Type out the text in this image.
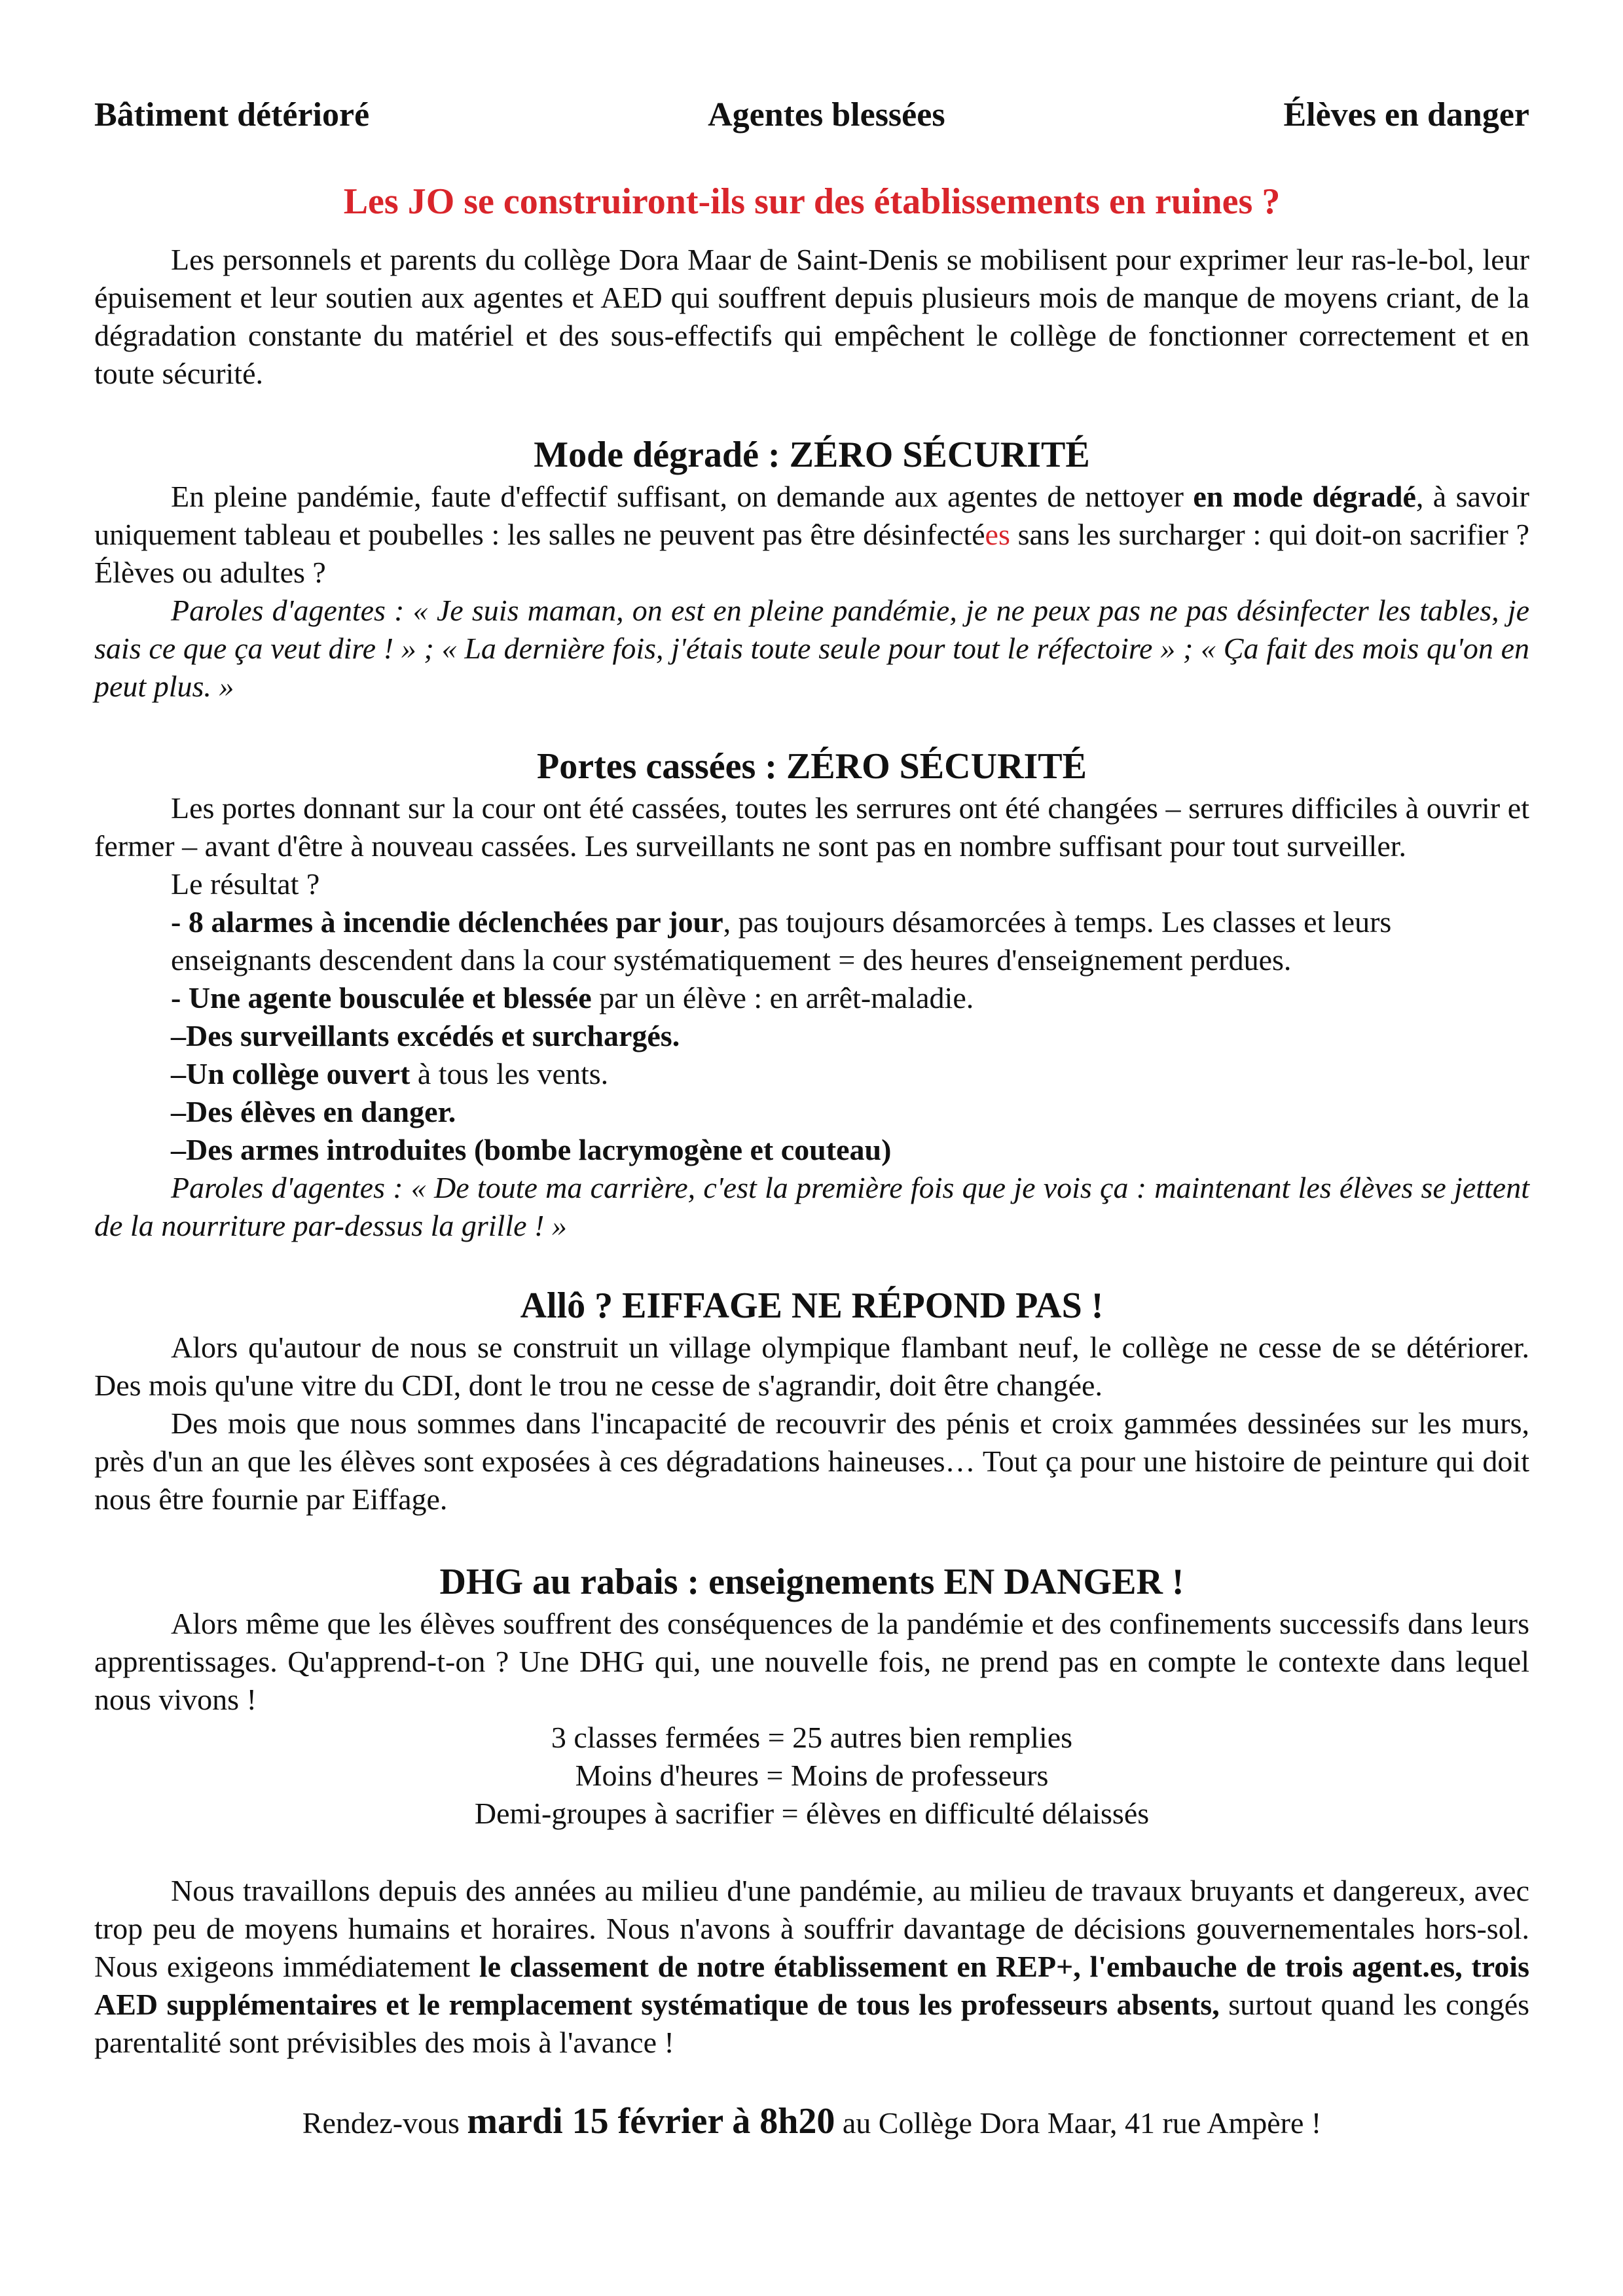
Bâtiment détérioré	Agentes blessées	Élèves en danger
Les JO se construiront-ils sur des établissements en ruines ?

Les personnels et parents du collège Dora Maar de Saint-Denis se mobilisent pour exprimer leur ras-le-bol, leur épuisement et leur soutien aux agentes et AED qui souffrent depuis plusieurs mois de manque de moyens criant, de la dégradation constante du matériel et des sous-effectifs qui empêchent le collège de fonctionner correctement et en toute sécurité.

Mode dégradé : ZÉRO SÉCURITÉ

En pleine pandémie, faute d'effectif suffisant, on demande aux agentes de nettoyer en mode dégradé, à savoir uniquement tableau et poubelles : les salles ne peuvent pas être désinfectées sans les surcharger : qui doit-on sacrifier ? Élèves ou adultes ?

Paroles d'agentes : « Je suis maman, on est en pleine pandémie, je ne peux pas ne pas désinfecter les tables, je sais ce que ça veut dire ! » ; « La dernière fois, j'étais toute seule pour tout le réfectoire » ; « Ça fait des mois qu'on en peut plus. »

Portes cassées : ZÉRO SÉCURITÉ

Les portes donnant sur la cour ont été cassées, toutes les serrures ont été changées – serrures difficiles à ouvrir et fermer – avant d'être à nouveau cassées. Les surveillants ne sont pas en nombre suffisant pour tout surveiller.

Le résultat ?

- 8 alarmes à incendie déclenchées par jour, pas toujours désamorcées à temps. Les classes et leurs enseignants descendent dans la cour systématiquement = des heures d'enseignement perdues.

- Une agente bousculée et blessée par un élève : en arrêt-maladie.

–Des surveillants excédés et surchargés.

–Un collège ouvert à tous les vents.

–Des élèves en danger.

–Des armes introduites (bombe lacrymogène et couteau)

Paroles d'agentes : « De toute ma carrière, c'est la première fois que je vois ça : maintenant les élèves se jettent de la nourriture par-dessus la grille ! »

Allô ? EIFFAGE NE RÉPOND PAS !

Alors qu'autour de nous se construit un village olympique flambant neuf, le collège ne cesse de se détériorer. Des mois qu'une vitre du CDI, dont le trou ne cesse de s'agrandir, doit être changée.

Des mois que nous sommes dans l'incapacité de recouvrir des pénis et croix gammées dessinées sur les murs, près d'un an que les élèves sont exposées à ces dégradations haineuses… Tout ça pour une histoire de peinture qui doit nous être fournie par Eiffage.

DHG au rabais : enseignements EN DANGER !

Alors même que les élèves souffrent des conséquences de la pandémie et des confinements successifs dans leurs apprentissages. Qu'apprend-t-on ? Une DHG qui, une nouvelle fois, ne prend pas en compte le contexte dans lequel nous vivons !

3 classes fermées = 25 autres bien remplies

Moins d'heures = Moins de professeurs

Demi-groupes à sacrifier = élèves en difficulté délaissés

Nous travaillons depuis des années au milieu d'une pandémie, au milieu de travaux bruyants et dangereux, avec trop peu de moyens humains et horaires. Nous n'avons à souffrir davantage de décisions gouvernementales hors-sol. Nous exigeons immédiatement le classement de notre établissement en REP+, l'embauche de trois agent.es, trois AED supplémentaires et le remplacement systématique de tous les professeurs absents, surtout quand les congés parentalité sont prévisibles des mois à l'avance !

Rendez-vous mardi 15 février à 8h20 au Collège Dora Maar, 41 rue Ampère !
